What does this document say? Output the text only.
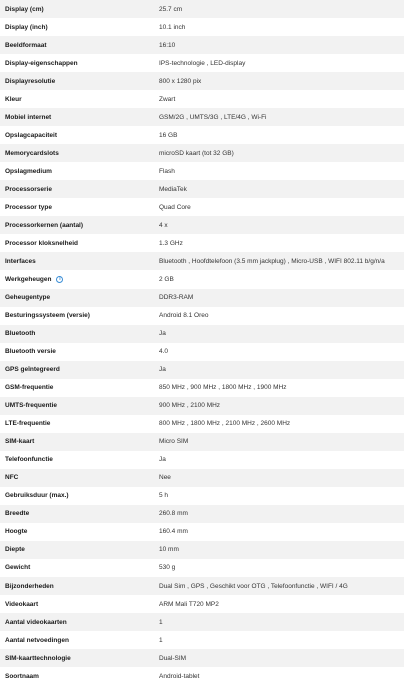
Display (cm)	25.7 cm
Display (inch)	10.1 inch
Beeldformaat	16:10
Display-eigenschappen	IPS-technologie , LED-display
Displayresolutie	800 x 1280 pix
Kleur	Zwart
Mobiel internet	GSM/2G , UMTS/3G , LTE/4G , Wi-Fi
Opslagcapaciteit	16 GB
Memorycardslots	microSD kaart (tot 32 GB)
Opslagmedium	Flash
Processorserie	MediaTek
Processor type	Quad Core
Processorkernen (aantal)	4 x
Processor kloksnelheid	1.3 GHz
Interfaces	Bluetooth , Hoofdtelefoon (3.5 mm jackplug) , Micro-USB , WIFI 802.11 b/g/n/a
Werkgeheugen	i	2 GB
Geheugentype	DDR3-RAM
Besturingssysteem (versie)	Android 8.1 Oreo
Bluetooth	Ja
Bluetooth versie	4.0
GPS geïntegreerd	Ja
GSM-frequentie	850 MHz , 900 MHz , 1800 MHz , 1900 MHz
UMTS-frequentie	900 MHz , 2100 MHz
LTE-frequentie	800 MHz , 1800 MHz , 2100 MHz , 2600 MHz
SIM-kaart	Micro SIM
Telefoonfunctie	Ja
NFC	Nee
Gebruiksduur (max.)	5 h
Breedte	260.8 mm
Hoogte	160.4 mm
Diepte	10 mm
Gewicht	530 g
Bijzonderheden	Dual Sim , GPS , Geschikt voor OTG , Telefoonfunctie , WIFI / 4G
Videokaart	ARM Mali T720 MP2
Aantal videokaarten	1
Aantal netvoedingen	1
SIM-kaarttechnologie	Dual-SIM
Soortnaam	Android-tablet
